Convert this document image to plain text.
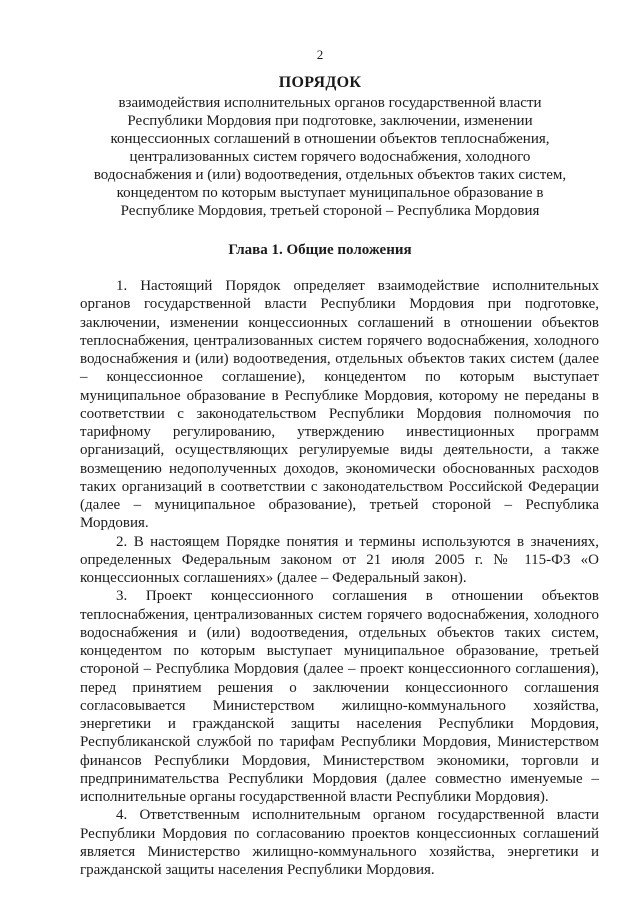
2
ПОРЯДОК
взаимодействия исполнительных органов государственной власти Республики Мордовия при подготовке, заключении, изменении концессионных соглашений в отношении объектов теплоснабжения, централизованных систем горячего водоснабжения, холодного водоснабжения и (или) водоотведения, отдельных объектов таких систем, концедентом по которым выступает муниципальное образование в Республике Мордовия, третьей стороной – Республика Мордовия
Глава 1. Общие положения

1. Настоящий Порядок определяет взаимодействие исполнительных органов государственной власти Республики Мордовия при подготовке, заключении, изменении концессионных соглашений в отношении объектов теплоснабжения, централизованных систем горячего водоснабжения, холодного водоснабжения и (или) водоотведения, отдельных объектов таких систем (далее – концессионное соглашение), концедентом по которым выступает муниципальное образование в Республике Мордовия, которому не переданы в соответствии с законодательством Республики Мордовия полномочия по тарифному регулированию, утверждению инвестиционных программ организаций, осуществляющих регулируемые виды деятельности, а также возмещению недополученных доходов, экономически обоснованных расходов таких организаций в соответствии с законодательством Российской Федерации (далее – муниципальное образование), третьей стороной – Республика Мордовия.

2. В настоящем Порядке понятия и термины используются в значениях, определенных Федеральным законом от 21 июля 2005 г. № 115-ФЗ «О концессионных соглашениях» (далее – Федеральный закон).

3. Проект концессионного соглашения в отношении объектов теплоснабжения, централизованных систем горячего водоснабжения, холодного водоснабжения и (или) водоотведения, отдельных объектов таких систем, концедентом по которым выступает муниципальное образование, третьей стороной – Республика Мордовия (далее – проект концессионного соглашения), перед принятием решения о заключении концессионного соглашения согласовывается Министерством жилищно-коммунального хозяйства, энергетики и гражданской защиты населения Республики Мордовия, Республиканской службой по тарифам Республики Мордовия, Министерством финансов Республики Мордовия, Министерством экономики, торговли и предпринимательства Республики Мордовия (далее совместно именуемые – исполнительные органы государственной власти Республики Мордовия).

4. Ответственным исполнительным органом государственной власти Республики Мордовия по согласованию проектов концессионных соглашений является Министерство жилищно-коммунального хозяйства, энергетики и гражданской защиты населения Республики Мордовия.
